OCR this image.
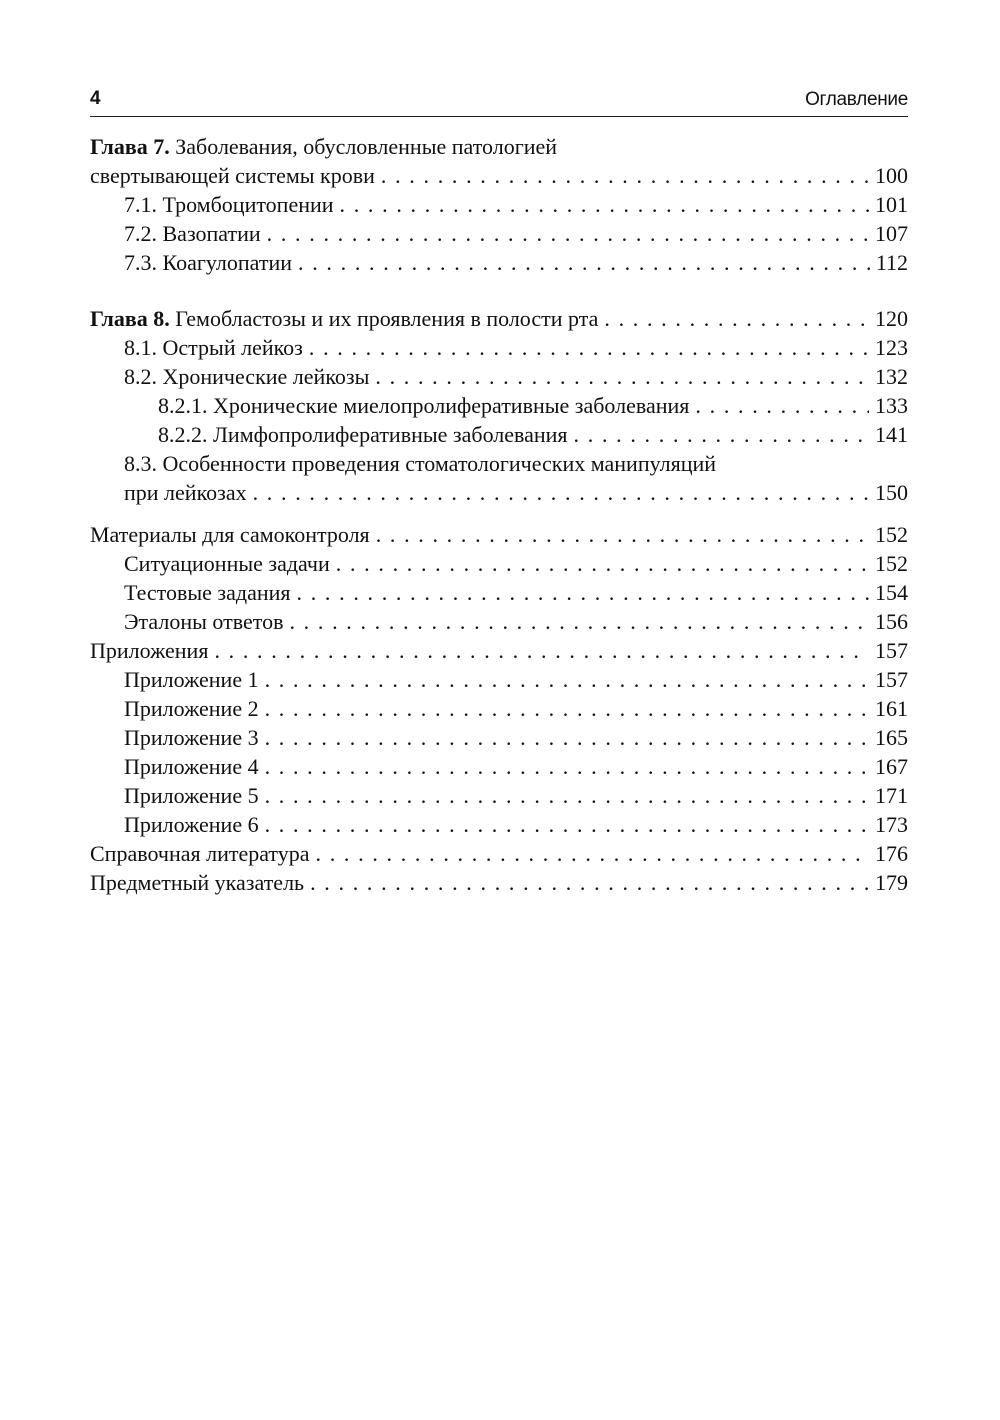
4	Оглавление
Глава 7. Заболевания, обусловленные патологией
свертывающей системы крови . . .	100
7.1. Тромбоцитопении . . .	101
7.2. Вазопатии . . .	107
7.3. Коагулопатии . . .	112
Глава 8. Гемобластозы и их проявления в полости рта . . .	120
8.1. Острый лейкоз . . .	123
8.2. Хронические лейкозы . . .	132
8.2.1. Хронические миелопролиферативные заболевания . . .	133
8.2.2. Лимфопролиферативные заболевания . . .	141
8.3. Особенности проведения стоматологических манипуляций
при лейкозах . . .	150
Материалы для самоконтроля . . .	152
Ситуационные задачи . . .	152
Тестовые задания . . .	154
Эталоны ответов . . .	156
Приложения . . .	157
Приложение 1 . . .	157
Приложение 2 . . .	161
Приложение 3 . . .	165
Приложение 4 . . .	167
Приложение 5 . . .	171
Приложение 6 . . .	173
Справочная литература . . .	176
Предметный указатель . . .	179
